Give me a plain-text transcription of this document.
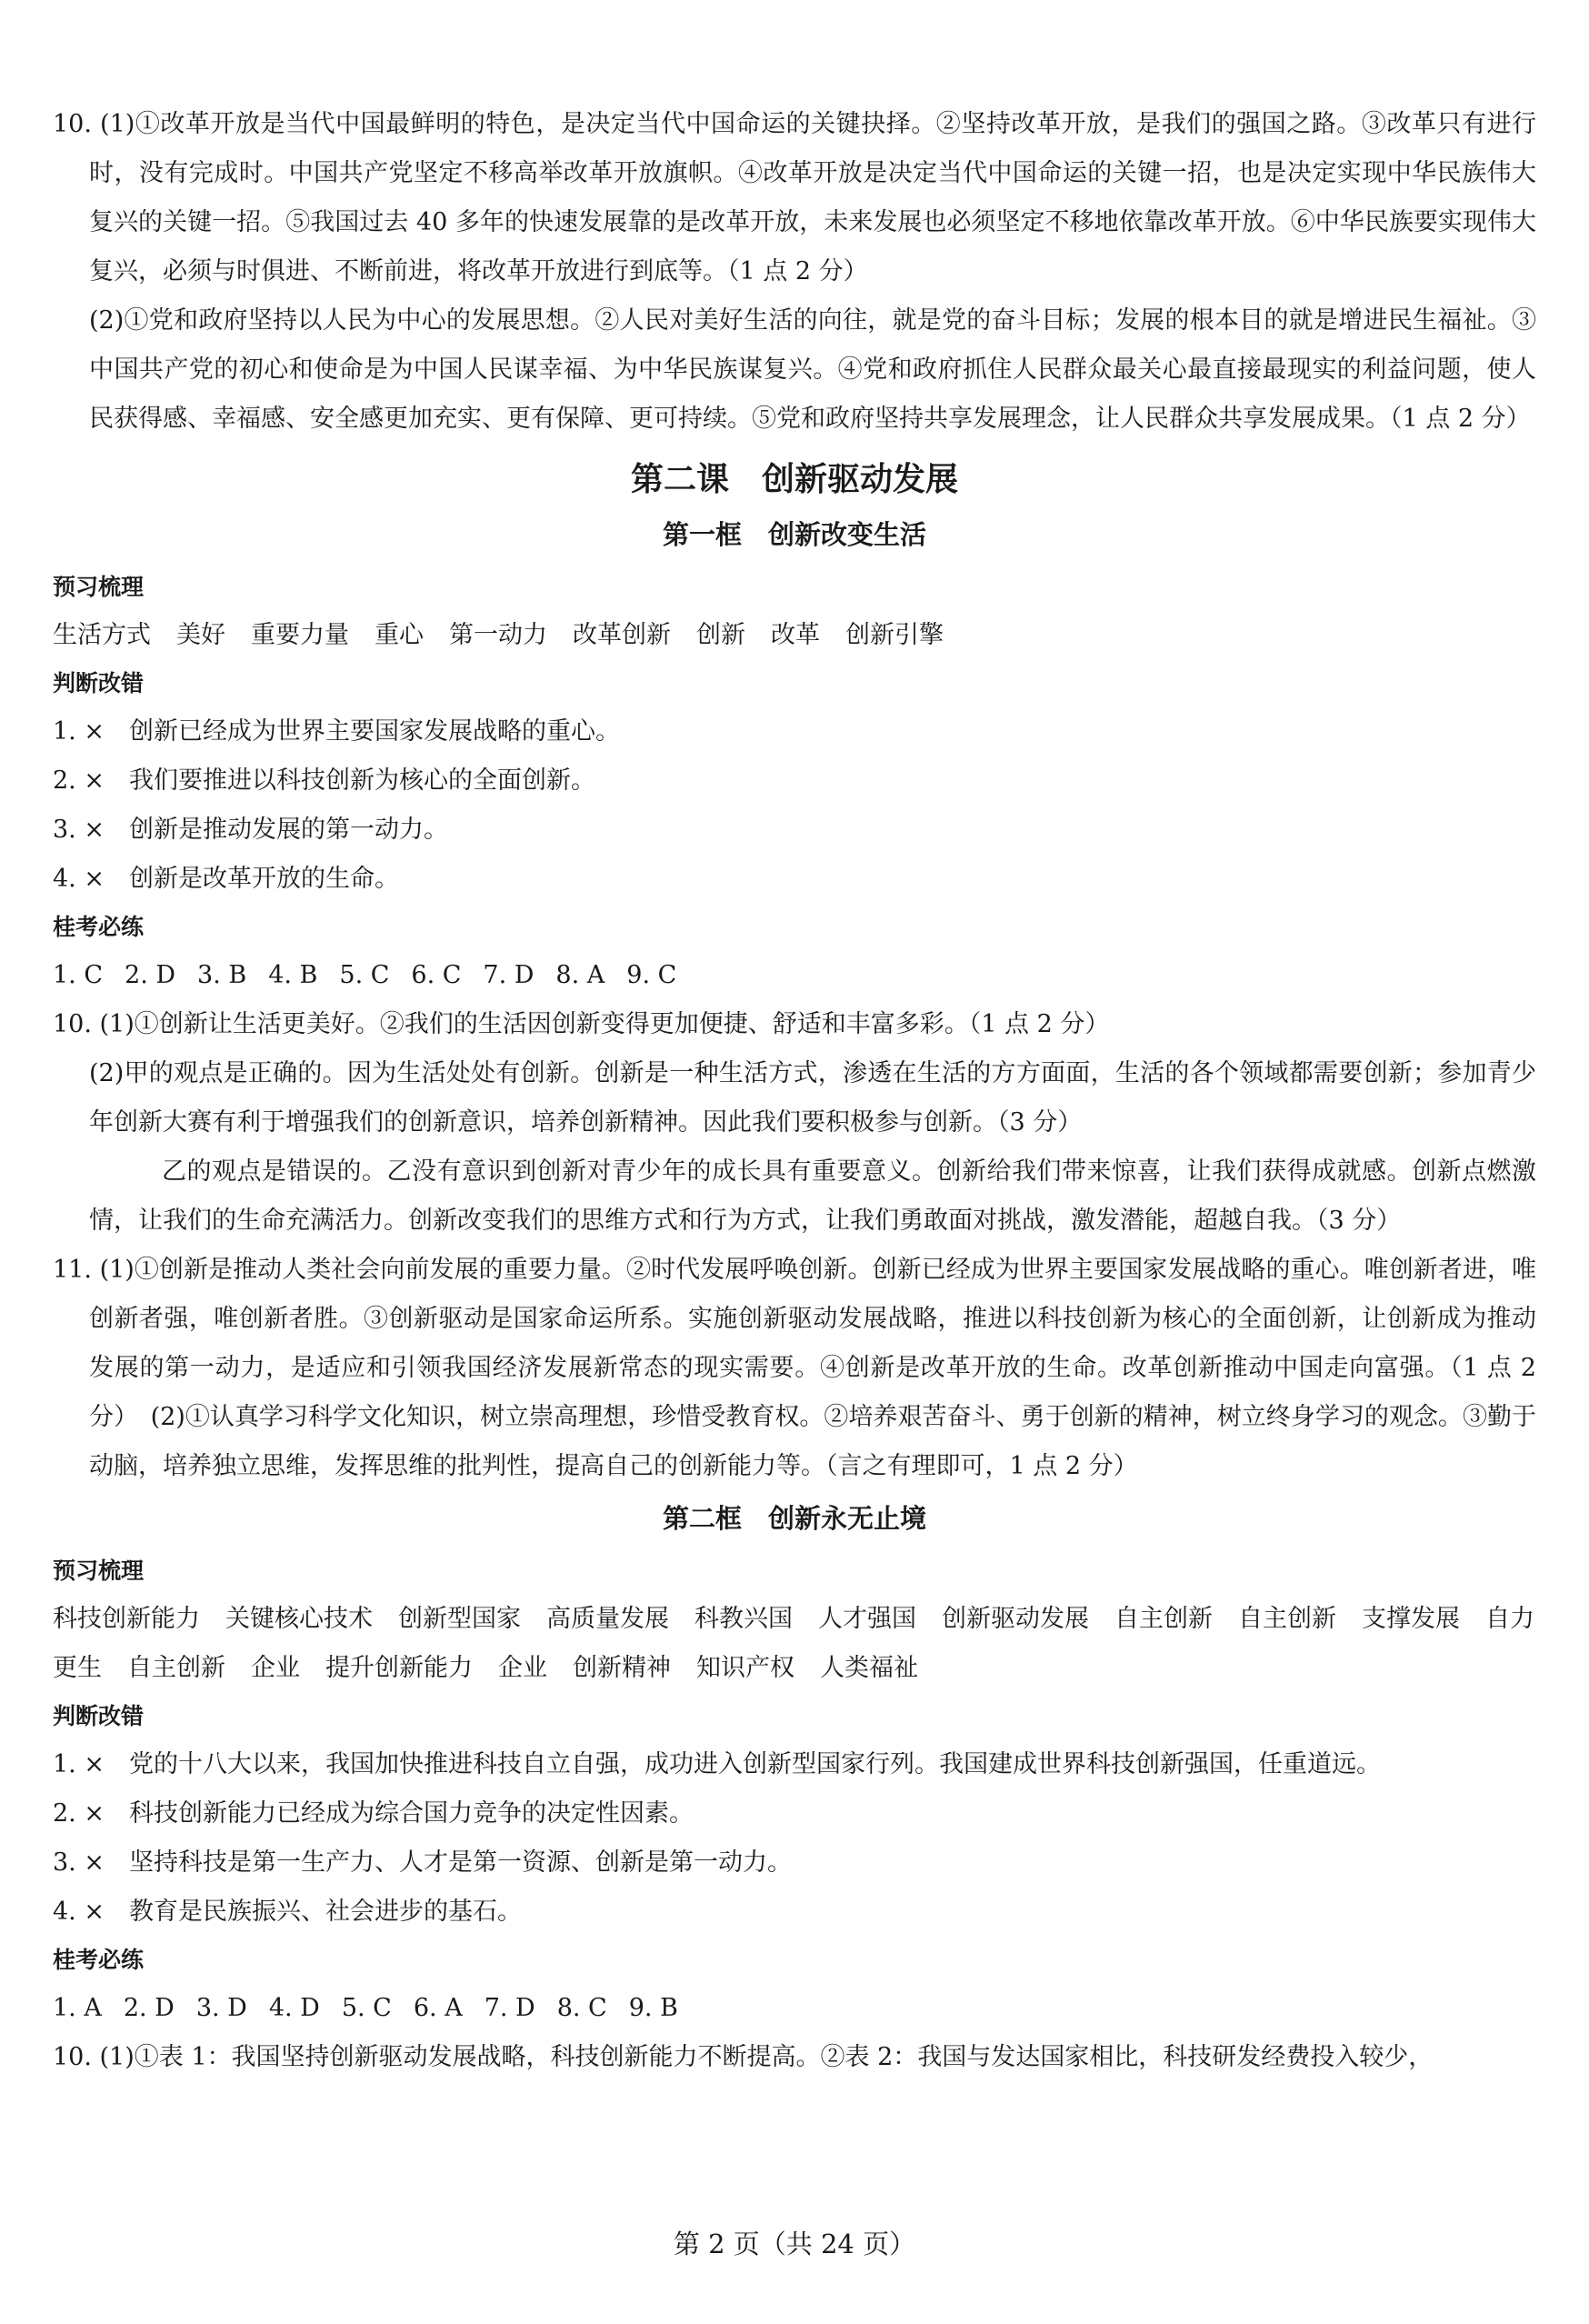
10. (1)①改革开放是当代中国最鲜明的特色，是决定当代中国命运的关键抉择。②坚持改革开放，是我们的强国之路。③改革只有进行时，没有完成时。中国共产党坚定不移高举改革开放旗帜。④改革开放是决定当代中国命运的关键一招，也是决定实现中华民族伟大复兴的关键一招。⑤我国过去 40 多年的快速发展靠的是改革开放，未来发展也必须坚定不移地依靠改革开放。⑥中华民族要实现伟大复兴，必须与时俱进、不断前进，将改革开放进行到底等。（1 点 2 分）

(2)①党和政府坚持以人民为中心的发展思想。②人民对美好生活的向往，就是党的奋斗目标；发展的根本目的就是增进民生福祉。③中国共产党的初心和使命是为中国人民谋幸福、为中华民族谋复兴。④党和政府抓住人民群众最关心最直接最现实的利益问题，使人民获得感、幸福感、安全感更加充实、更有保障、更可持续。⑤党和政府坚持共享发展理念，让人民群众共享发展成果。（1 点 2 分）

第二课　创新驱动发展
第一框　创新改变生活

预习梳理

生活方式 美好 重要力量 重心 第一动力 改革创新 创新 改革 创新引擎

判断改错

1. ×　创新已经成为世界主要国家发展战略的重心。

2. ×　我们要推进以科技创新为核心的全面创新。

3. ×　创新是推动发展的第一动力。

4. ×　创新是改革开放的生命。

桂考必练

1. C 2. D 3. B 4. B 5. C 6. C 7. D 8. A 9. C

10. (1)①创新让生活更美好。②我们的生活因创新变得更加便捷、舒适和丰富多彩。（1 点 2 分）

(2)甲的观点是正确的。因为生活处处有创新。创新是一种生活方式，渗透在生活的方方面面，生活的各个领域都需要创新；参加青少年创新大赛有利于增强我们的创新意识，培养创新精神。因此我们要积极参与创新。（3 分）

乙的观点是错误的。乙没有意识到创新对青少年的成长具有重要意义。创新给我们带来惊喜，让我们获得成就感。创新点燃激情，让我们的生命充满活力。创新改变我们的思维方式和行为方式，让我们勇敢面对挑战，激发潜能，超越自我。（3 分）

11. (1)①创新是推动人类社会向前发展的重要力量。②时代发展呼唤创新。创新已经成为世界主要国家发展战略的重心。唯创新者进，唯创新者强，唯创新者胜。③创新驱动是国家命运所系。实施创新驱动发展战略，推进以科技创新为核心的全面创新，让创新成为推动发展的第一动力，是适应和引领我国经济发展新常态的现实需要。④创新是改革开放的生命。改革创新推动中国走向富强。（1 点 2 分）　(2)①认真学习科学文化知识，树立崇高理想，珍惜受教育权。②培养艰苦奋斗、勇于创新的精神，树立终身学习的观念。③勤于动脑，培养独立思维，发挥思维的批判性，提高自己的创新能力等。（言之有理即可，1 点 2 分）

第二框　创新永无止境

预习梳理

科技创新能力 关键核心技术 创新型国家 高质量发展 科教兴国 人才强国 创新驱动发展 自主创新 自主创新 支撑发展 自力更生 自主创新 企业 提升创新能力 企业 创新精神 知识产权 人类福祉

判断改错

1. ×　党的十八大以来，我国加快推进科技自立自强，成功进入创新型国家行列。我国建成世界科技创新强国，任重道远。

2. ×　科技创新能力已经成为综合国力竞争的决定性因素。

3. ×　坚持科技是第一生产力、人才是第一资源、创新是第一动力。

4. ×　教育是民族振兴、社会进步的基石。

桂考必练

1. A 2. D 3. D 4. D 5. C 6. A 7. D 8. C 9. B

10. (1)①表 1：我国坚持创新驱动发展战略，科技创新能力不断提高。②表 2：我国与发达国家相比，科技研发经费投入较少，

第 2 页（共 24 页）
